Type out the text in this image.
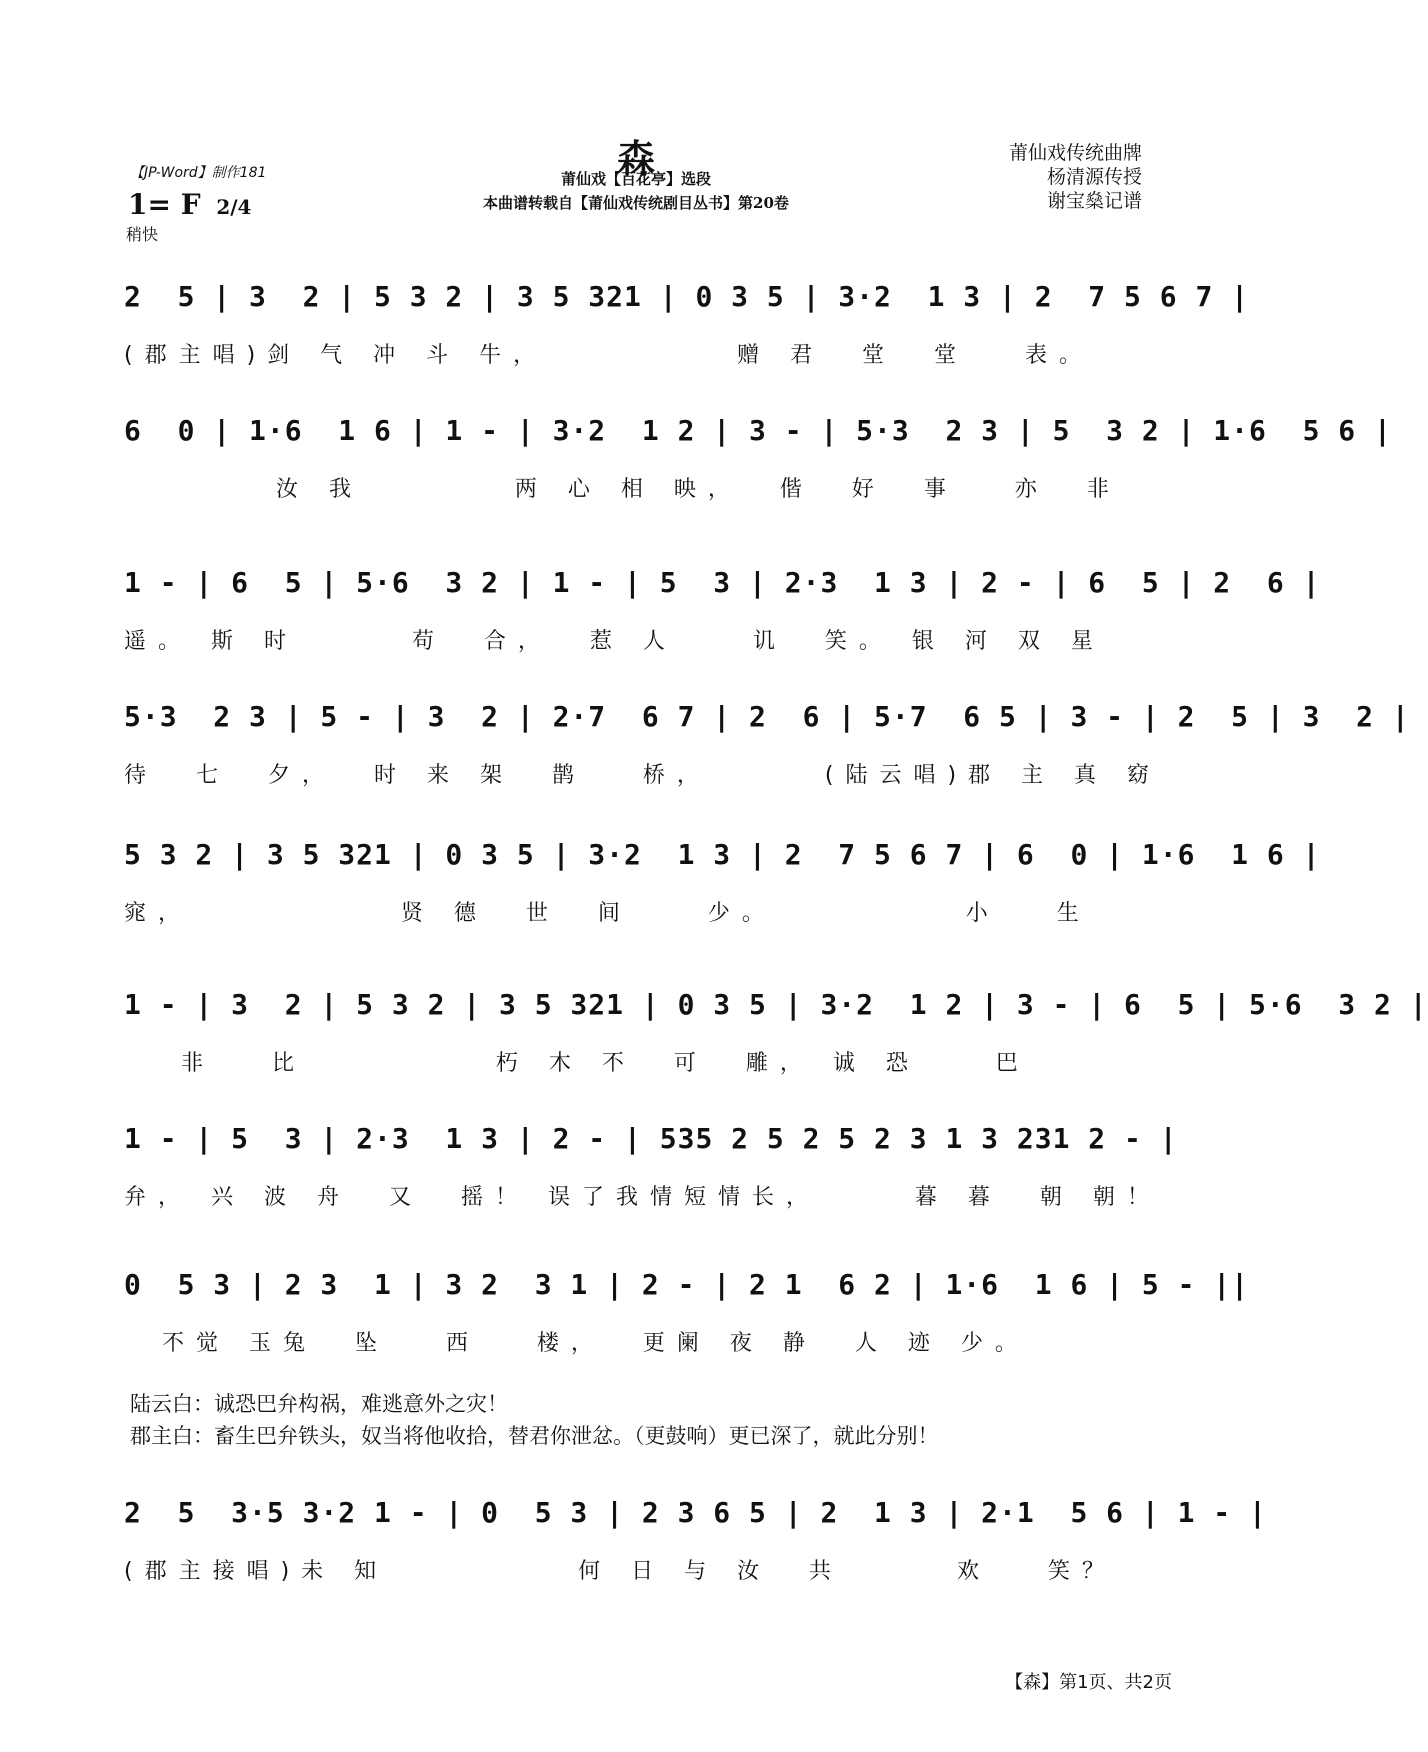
森
莆仙戏【百花亭】选段
本曲谱转载自【莆仙戏传统剧目丛书】第20卷
【JP-Word】制作181
1= F 2/4
稍快
莆仙戏传统曲牌
杨清源传授
谢宝燊记谱
2  5 | 3  2 | 5 3 2 | 3 5 321 | 0 3 5 | 3·2  1 3 | 2  7 5 6 7 |
(郡主唱)剑 气 冲 斗 牛，          赠 君  堂  堂   表。
6  0 | 1·6  1 6 | 1 - | 3·2  1 2 | 3 - | 5·3  2 3 | 5  3 2 | 1·6  5 6 |
汝 我        两 心 相 映，  偕  好  事   亦  非
1 - | 6  5 | 5·6  3 2 | 1 - | 5  3 | 2·3  1 3 | 2 - | 6  5 | 2  6 |
遥。 斯 时      苟  合，  惹 人    讥  笑。 银 河 双 星
5·3  2 3 | 5 - | 3  2 | 2·7  6 7 | 2  6 | 5·7  6 5 | 3 - | 2  5 | 3  2 |
待  七  夕，  时 来 架  鹊   桥，      (陆云唱)郡 主 真 窈
5 3 2 | 3 5 321 | 0 3 5 | 3·2  1 3 | 2  7 5 6 7 | 6  0 | 1·6  1 6 |
窕，           贤 德  世  间    少。          小   生
1 - | 3  2 | 5 3 2 | 3 5 321 | 0 3 5 | 3·2  1 2 | 3 - | 6  5 | 5·6  3 2 |
非   比          朽 木 不  可  雕， 诚 恐    巴
1 - | 5  3 | 2·3  1 3 | 2 - | 535 2 5 2 5 2 3 1 3 231 2 - |
弁， 兴 波 舟  又  摇！ 误了我情短情长，     暮 暮  朝 朝！
0  5 3 | 2 3  1 | 3 2  3 1 | 2 - | 2 1  6 2 | 1·6  1 6 | 5 - ||
不觉 玉兔  坠   西   楼，  更阑 夜 静  人 迹 少。
陆云白：诚恐巴弁构祸，难逃意外之灾！
郡主白：畜生巴弁铁头，奴当将他收拾，替君你泄忿。（更鼓响）更已深了，就此分别！
2  5  3·5 3·2 1 - | 0  5 3 | 2 3 6 5 | 2  1 3 | 2·1  5 6 | 1 - |
(郡主接唱)未 知          何 日 与 汝  共      欢   笑？
【森】第1页、共2页
